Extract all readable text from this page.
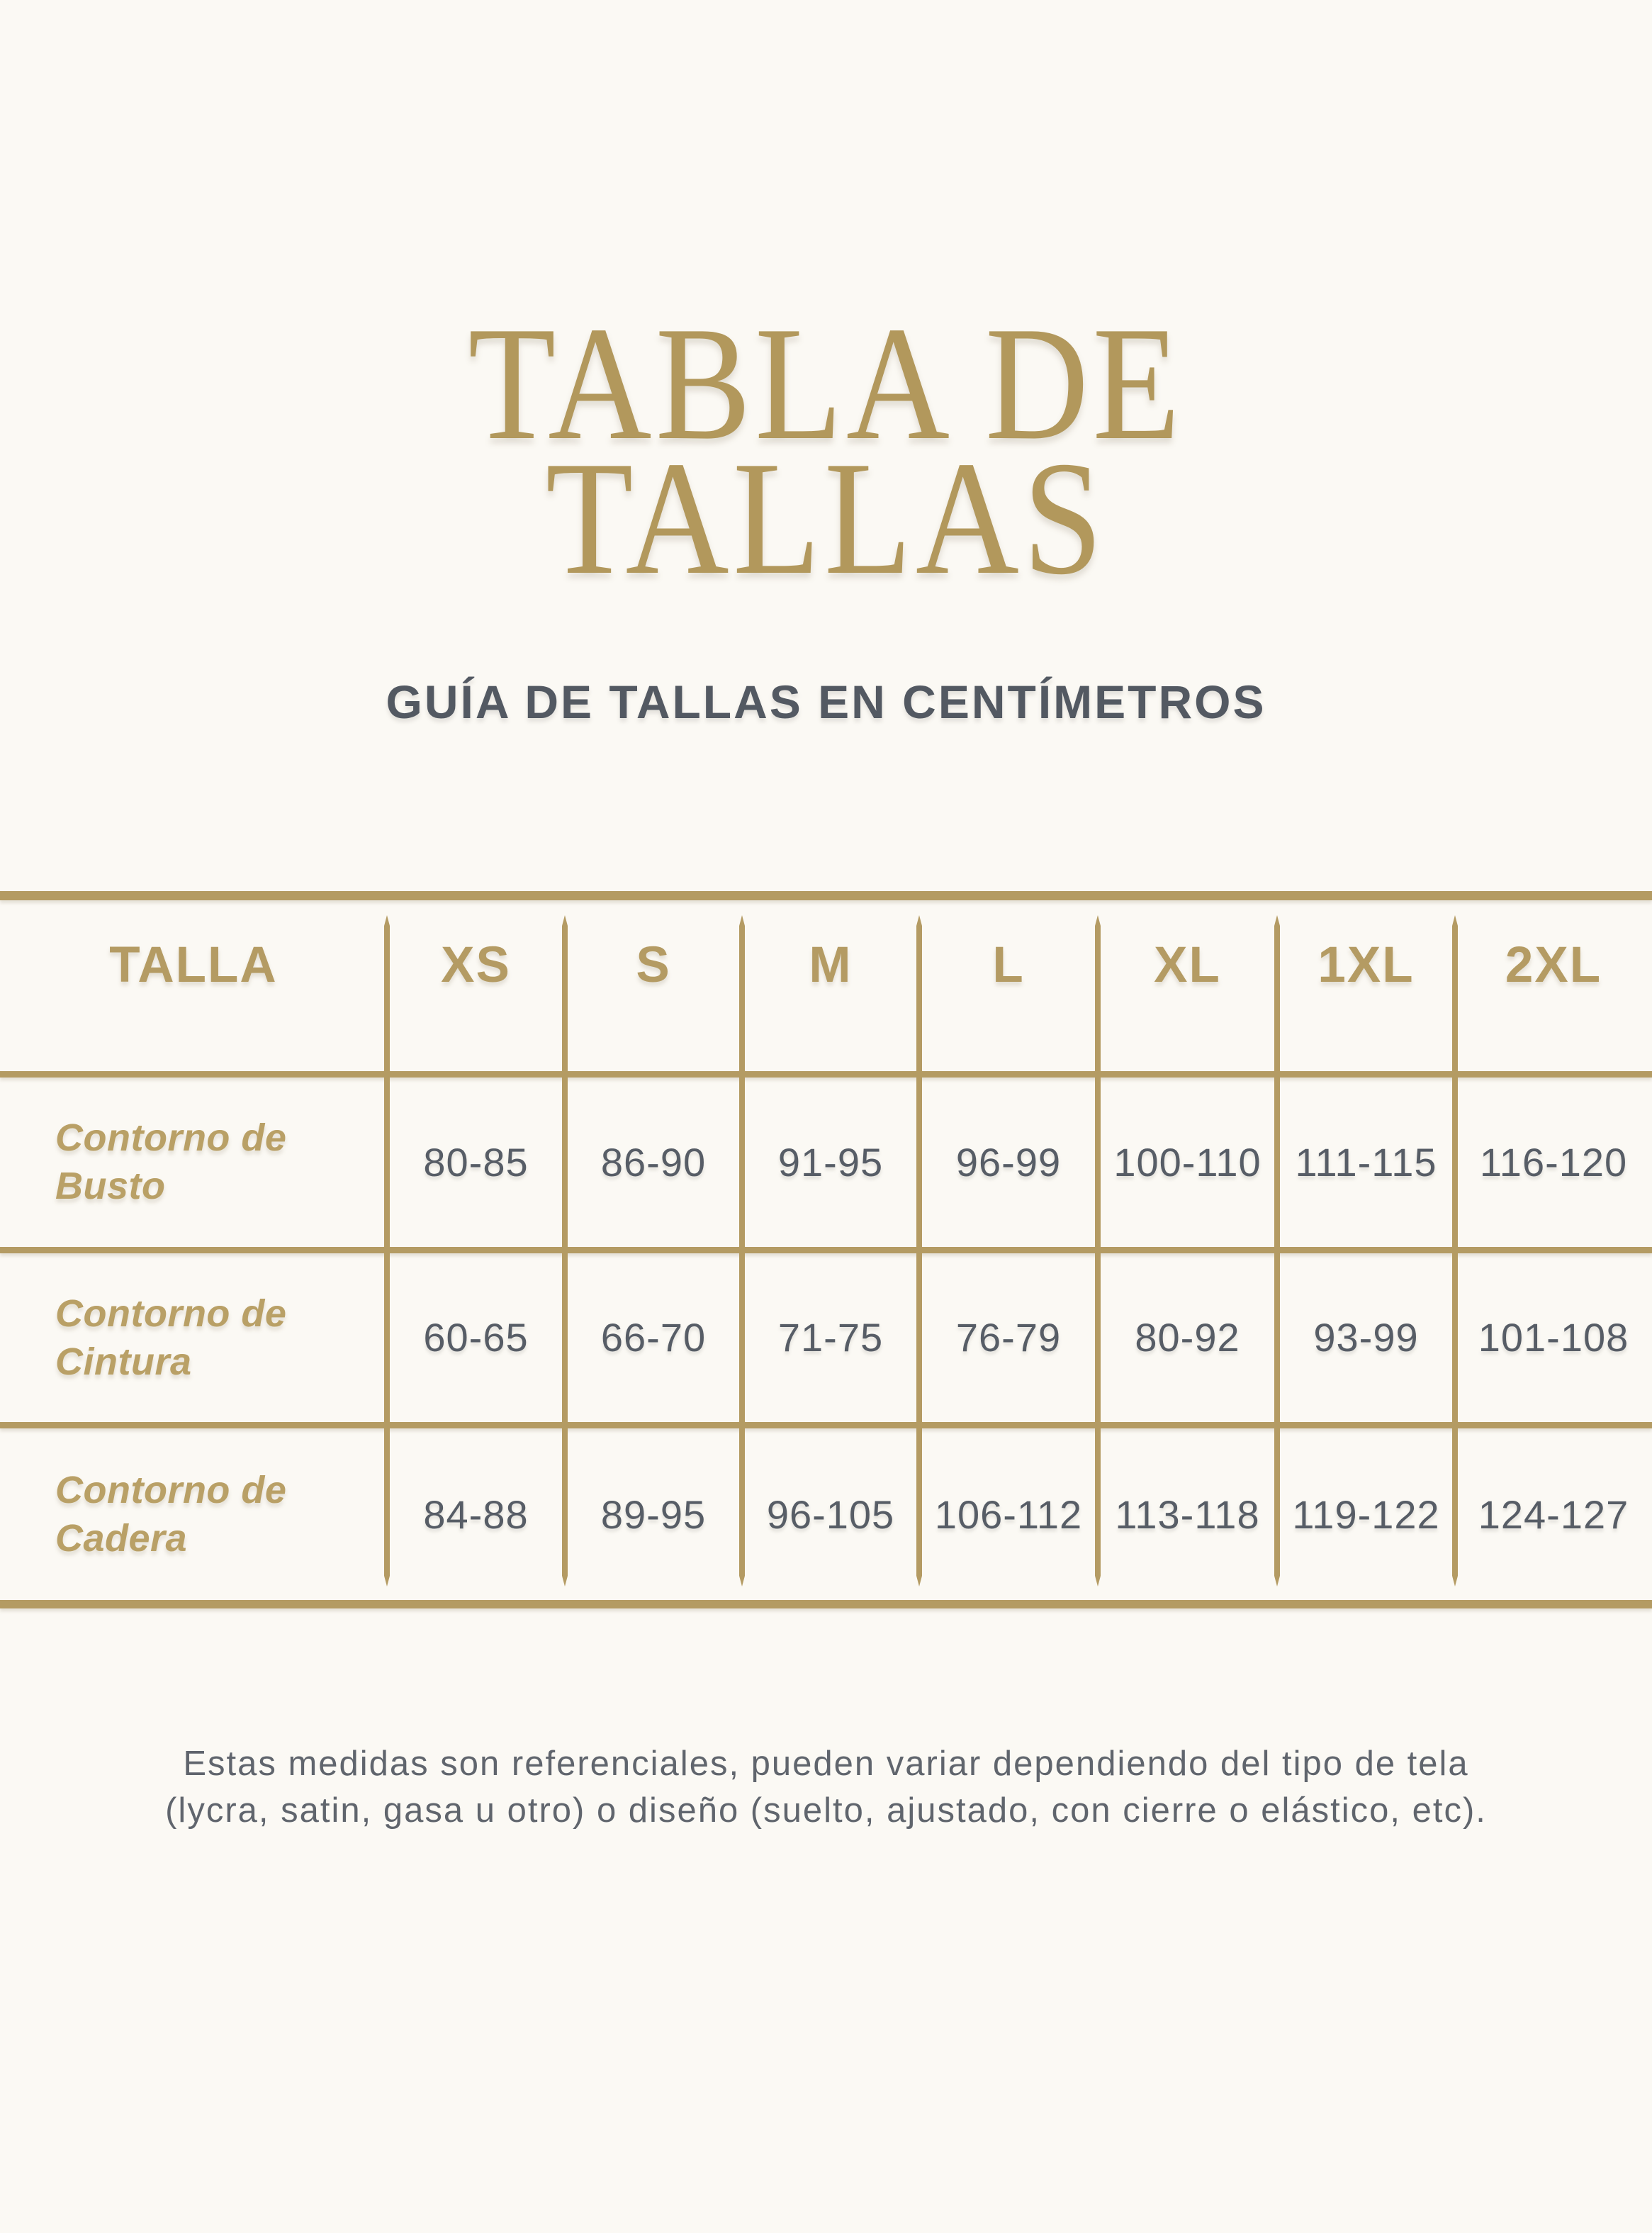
TABLA DE
TALLAS
GUÍA DE TALLAS EN CENTÍMETROS
TALLA	XS	S	M	L	XL	1XL	2XL
Contorno de
Busto
80-85	86-90	91-95	96-99	100-110 111-115	116-120
Contorno de
Cintura
60-65	66-70	71-75	76-79	80-92	93-99	101-108
Contorno de
Cadera
84-88	89-95	96-105	106-112 113-118 119-122 124-127
Estas medidas son referenciales, pueden variar dependiendo del tipo de tela
(lycra, satin, gasa u otro) o diseño (suelto, ajustado, con cierre o elástico, etc).
